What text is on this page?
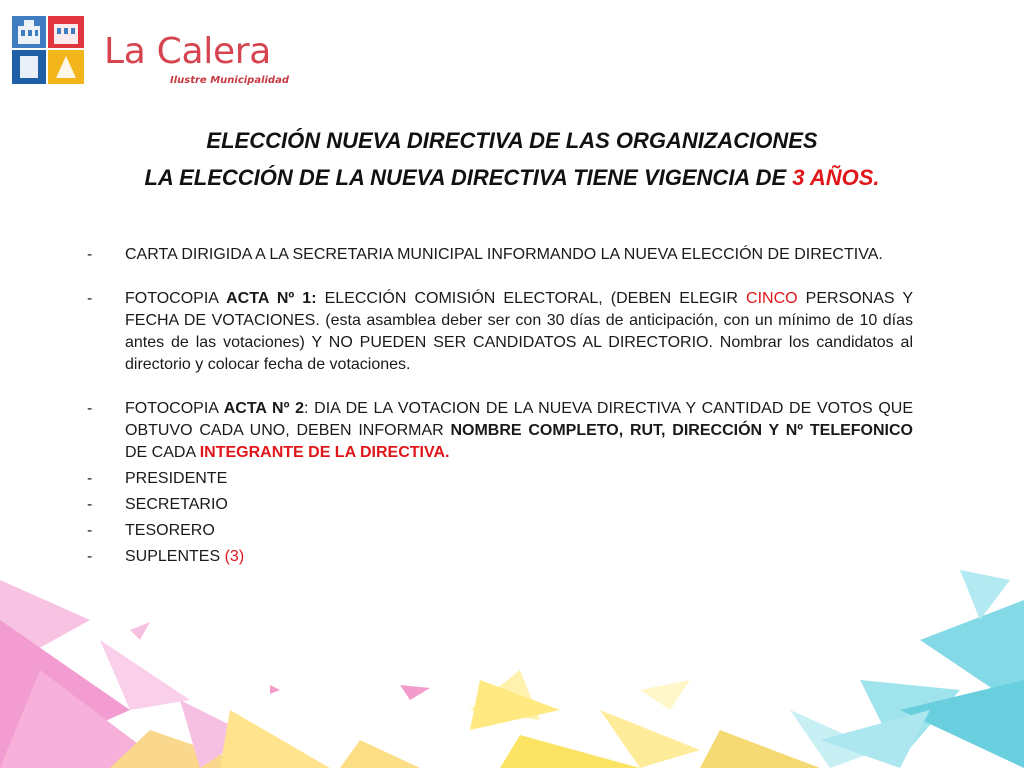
La Calera
Ilustre Municipalidad
ELECCIÓN NUEVA DIRECTIVA DE LAS ORGANIZACIONES
LA ELECCIÓN DE LA NUEVA DIRECTIVA TIENE VIGENCIA DE 3 AÑOS.
- CARTA DIRIGIDA A LA SECRETARIA MUNICIPAL INFORMANDO LA NUEVA ELECCIÓN DE DIRECTIVA.
- FOTOCOPIA ACTA Nº 1: ELECCIÓN COMISIÓN ELECTORAL, (DEBEN ELEGIR CINCO PERSONAS Y FECHA DE VOTACIONES. (esta asamblea deber ser con 30 días de anticipación, con un mínimo de 10 días antes de las votaciones) Y NO PUEDEN SER CANDIDATOS AL DIRECTORIO. Nombrar los candidatos al directorio y colocar fecha de votaciones.
- FOTOCOPIA ACTA Nº 2: DIA DE LA VOTACION DE LA NUEVA DIRECTIVA Y CANTIDAD DE VOTOS QUE OBTUVO CADA UNO, DEBEN INFORMAR NOMBRE COMPLETO, RUT, DIRECCIÓN Y Nº TELEFONICO DE CADA INTEGRANTE DE LA DIRECTIVA.
- PRESIDENTE
- SECRETARIO
- TESORERO
- SUPLENTES (3)
